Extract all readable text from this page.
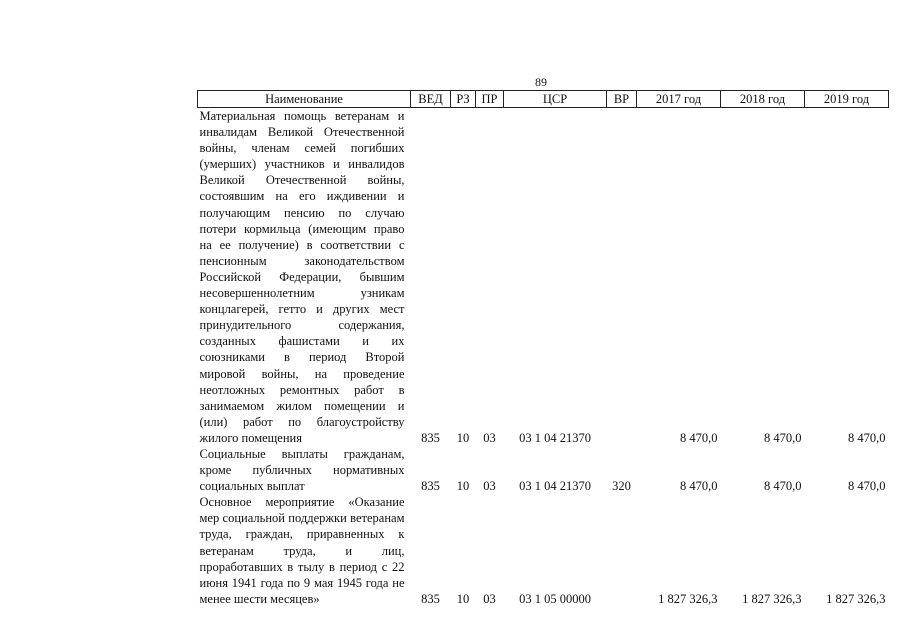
89
Наименование	ВЕД	РЗ	ПР	ЦСР	ВР	2017 год	2018 год	2019 год
Материальная помощь ветеранам и инвалидам Великой Отечественной войны, членам семей погибших (умерших) участников и инвалидов Великой Отечественной войны, состоявшим на его иждивении и получающим пенсию по случаю потери кормильца (имеющим право на ее получение) в соответствии с пенсионным законодательством Российской Федерации, бывшим несовершеннолетним узникам концлагерей, гетто и других мест принудительного содержания, созданных фашистами и их союзниками в период Второй мировой войны, на проведение неотложных ремонтных работ в занимаемом жилом помещении и (или) работ по благоустройству жилого помещения	835	10	03	03 1 04 21370		8 470,0	8 470,0	8 470,0
Социальные выплаты гражданам, кроме публичных нормативных социальных выплат	835	10	03	03 1 04 21370	320	8 470,0	8 470,0	8 470,0
Основное мероприятие «Оказание мер социальной поддержки ветеранам труда, граждан, приравненных к ветеранам труда, и лиц, проработавших в тылу в период с 22 июня 1941 года по 9 мая 1945 года не менее шести месяцев»	835	10	03	03 1 05 00000		1 827 326,3	1 827 326,3	1 827 326,3
